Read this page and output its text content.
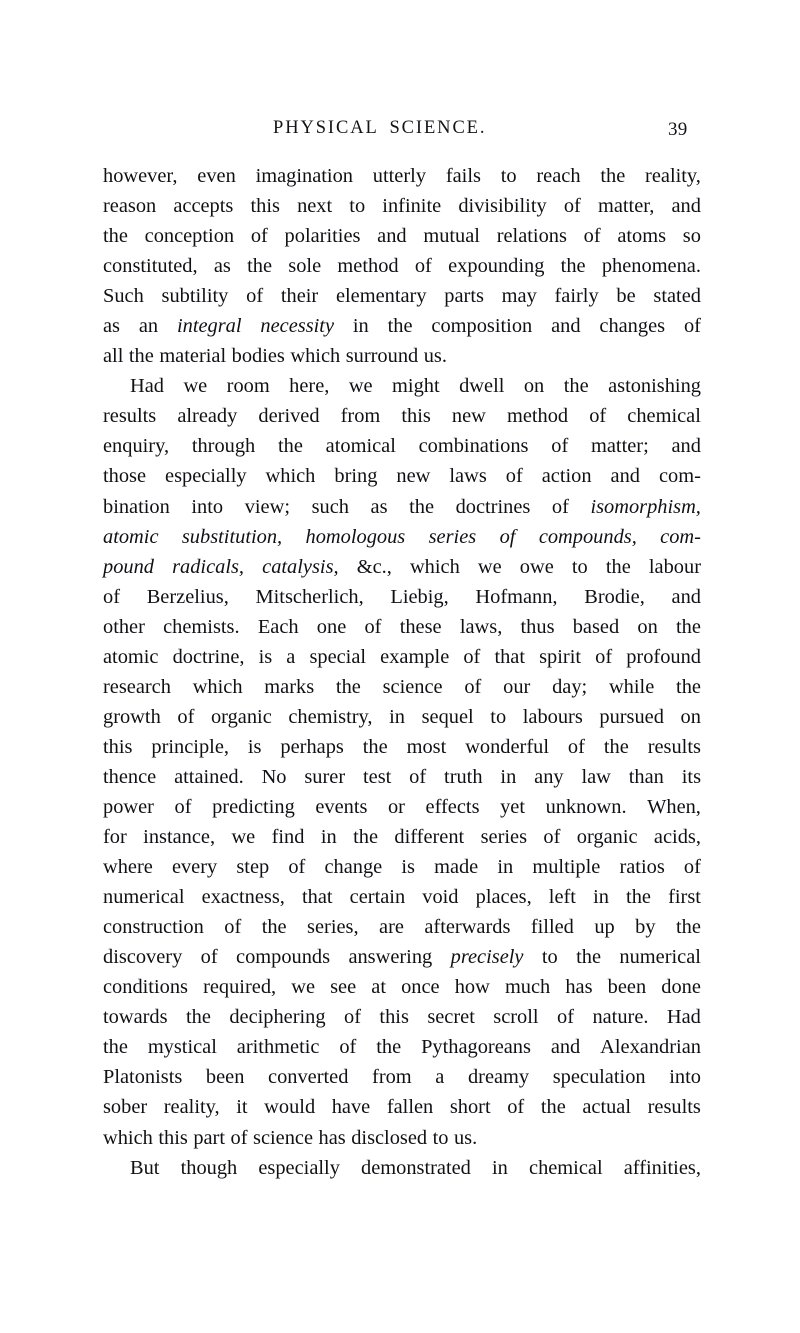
PHYSICAL SCIENCE.	39
however, even imagination utterly fails to reach the reality,
reason accepts this next to infinite divisibility of matter, and
the conception of polarities and mutual relations of atoms so
constituted, as the sole method of expounding the phenomena.
Such subtility of their elementary parts may fairly be stated
as an integral necessity in the composition and changes of
all the material bodies which surround us.
Had we room here, we might dwell on the astonishing
results already derived from this new method of chemical
enquiry, through the atomical combinations of matter; and
those especially which bring new laws of action and com-
bination into view; such as the doctrines of isomorphism,
atomic substitution, homologous series of compounds, com-
pound radicals, catalysis, &c., which we owe to the labour
of Berzelius, Mitscherlich, Liebig, Hofmann, Brodie, and
other chemists. Each one of these laws, thus based on the
atomic doctrine, is a special example of that spirit of profound
research which marks the science of our day; while the
growth of organic chemistry, in sequel to labours pursued on
this principle, is perhaps the most wonderful of the results
thence attained. No surer test of truth in any law than its
power of predicting events or effects yet unknown. When,
for instance, we find in the different series of organic acids,
where every step of change is made in multiple ratios of
numerical exactness, that certain void places, left in the first
construction of the series, are afterwards filled up by the
discovery of compounds answering precisely to the numerical
conditions required, we see at once how much has been done
towards the deciphering of this secret scroll of nature. Had
the mystical arithmetic of the Pythagoreans and Alexandrian
Platonists been converted from a dreamy speculation into
sober reality, it would have fallen short of the actual results
which this part of science has disclosed to us.
But though especially demonstrated in chemical affinities,
